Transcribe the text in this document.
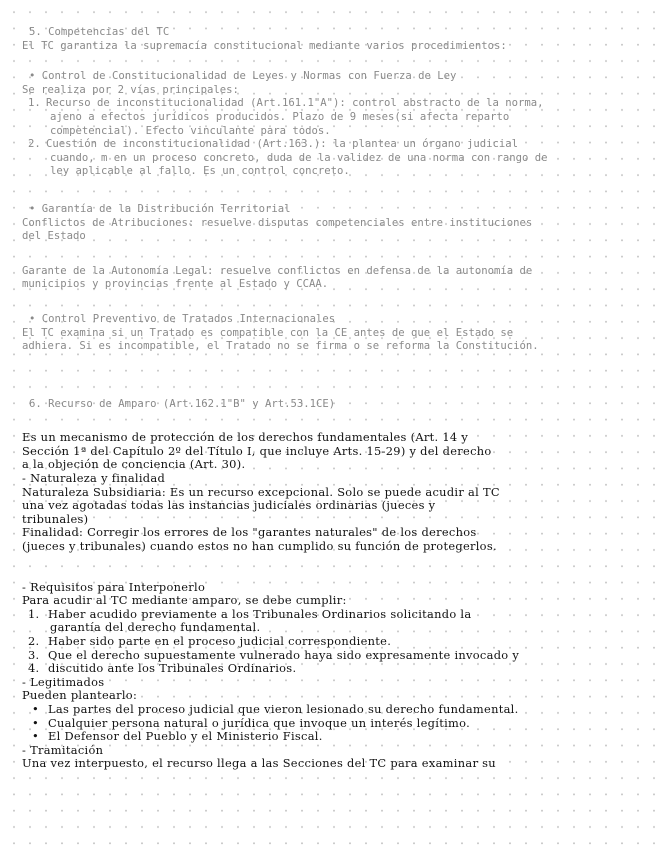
5. Competencias del TC
El TC garantiza la supremacía constitucional mediante varios procedimientos:
• Control de Constitucionalidad de Leyes y Normas con Fuerza de Ley
Se realiza por 2 vías principales:
1. Recurso de inconstitucionalidad (Art.161.1"A"): control abstracto de la norma,
ajeno a efectos jurídicos producidos. Plazo de 9 meses(si afecta reparto
competencial). Efecto vinculante para todos.
2. Cuestión de inconstitucionalidad (Art.163.): la plantea un órgano judicial
cuando, m en un proceso concreto, duda de la validez de una norma con rango de
ley aplicable al fallo. Es un control concreto.
• Garantía de la Distribución Territorial
Conflictos de Atribuciones: resuelve disputas competenciales entre instituciones
del Estado
Garante de la Autonomía Legal: resuelve conflictos en defensa de la autonomía de
municipios y provincias frente al Estado y CCAA.
• Control Preventivo de Tratados Internacionales
El TC examina si un Tratado es compatible con la CE antes de que el Estado se
adhiera. Si es incompatible, el Tratado no se firma o se reforma la Constitución.
6. Recurso de Amparo (Art.162.1"B" y Art.53.1CE)
Es un mecanismo de protección de los derechos fundamentales (Art. 14 y
Sección 1ª del Capítulo 2º del Título I, que incluye Arts. 15-29) y del derecho
a la objeción de conciencia (Art. 30).
- Naturaleza y finalidad
Naturaleza Subsidiaria: Es un recurso excepcional. Solo se puede acudir al TC
una vez agotadas todas las instancias judiciales ordinarias (jueces y
tribunales)
Finalidad: Corregir los errores de los "garantes naturales" de los derechos
(jueces y tribunales) cuando estos no han cumplido su función de protegerlos.
- Requisitos para Interponerlo
Para acudir al TC mediante amparo, se debe cumplir:
1. Haber acudido previamente a los Tribunales Ordinarios solicitando la
garantía del derecho fundamental.
2. Haber sido parte en el proceso judicial correspondiente.
3. Que el derecho supuestamente vulnerado haya sido expresamente invocado y
4. discutido ante los Tribunales Ordinarios.
- Legitimados
Pueden plantearlo:
• Las partes del proceso judicial que vieron lesionado su derecho fundamental.
• Cualquier persona natural o jurídica que invoque un interés legítimo.
• El Defensor del Pueblo y el Ministerio Fiscal.
- Tramitación
Una vez interpuesto, el recurso llega a las Secciones del TC para examinar su
